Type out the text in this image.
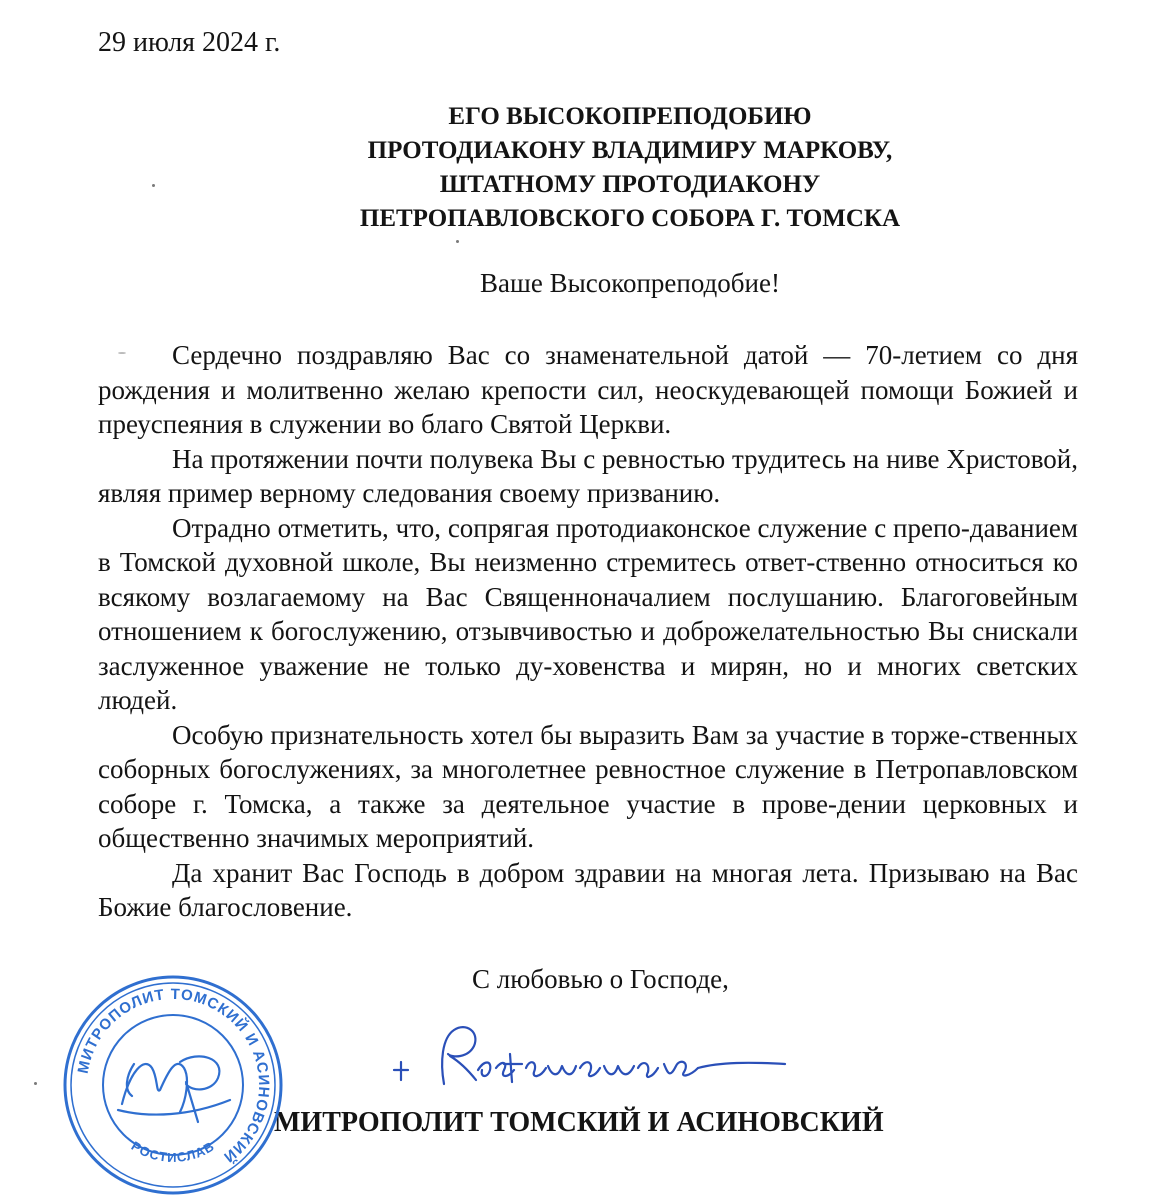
29 июля 2024 г.
ЕГО ВЫСОКОПРЕПОДОБИЮ
ПРОТОДИАКОНУ ВЛАДИМИРУ МАРКОВУ,
ШТАТНОМУ ПРОТОДИАКОНУ
ПЕТРОПАВЛОВСКОГО СОБОРА Г. ТОМСКА
Ваше Высокопреподобие!

Сердечно поздравляю Вас со знаменательной датой — 70-летием со дня рождения и молитвенно желаю крепости сил, неоскудевающей помощи Божией и преуспеяния в служении во благо Святой Церкви.

На протяжении почти полувека Вы с ревностью трудитесь на ниве Христовой, являя пример верному следования своему призванию.

Отрадно отметить, что, сопрягая протодиаконское служение с препо-даванием в Томской духовной школе, Вы неизменно стремитесь ответ-ственно относиться ко всякому возлагаемому на Вас Священноначалием послушанию. Благоговейным отношением к богослужению, отзывчивостью и доброжелательностью Вы снискали заслуженное уважение не только ду-ховенства и мирян, но и многих светских людей.

Особую признательность хотел бы выразить Вам за участие в торже-ственных соборных богослужениях, за многолетнее ревностное служение в Петропавловском соборе г. Томска, а также за деятельное участие в прове-дении церковных и общественно значимых мероприятий.

Да хранит Вас Господь в добром здравии на многая лета. Призываю на Вас Божие благословение.

С любовью о Господе,
МИТРОПОЛИТ ТОМСКИЙ И АСИНОВСКИЙ
МИТРОПОЛИТ ТОМСКИЙ И АСИНОВСКИЙ
РОСТИСЛАВ
